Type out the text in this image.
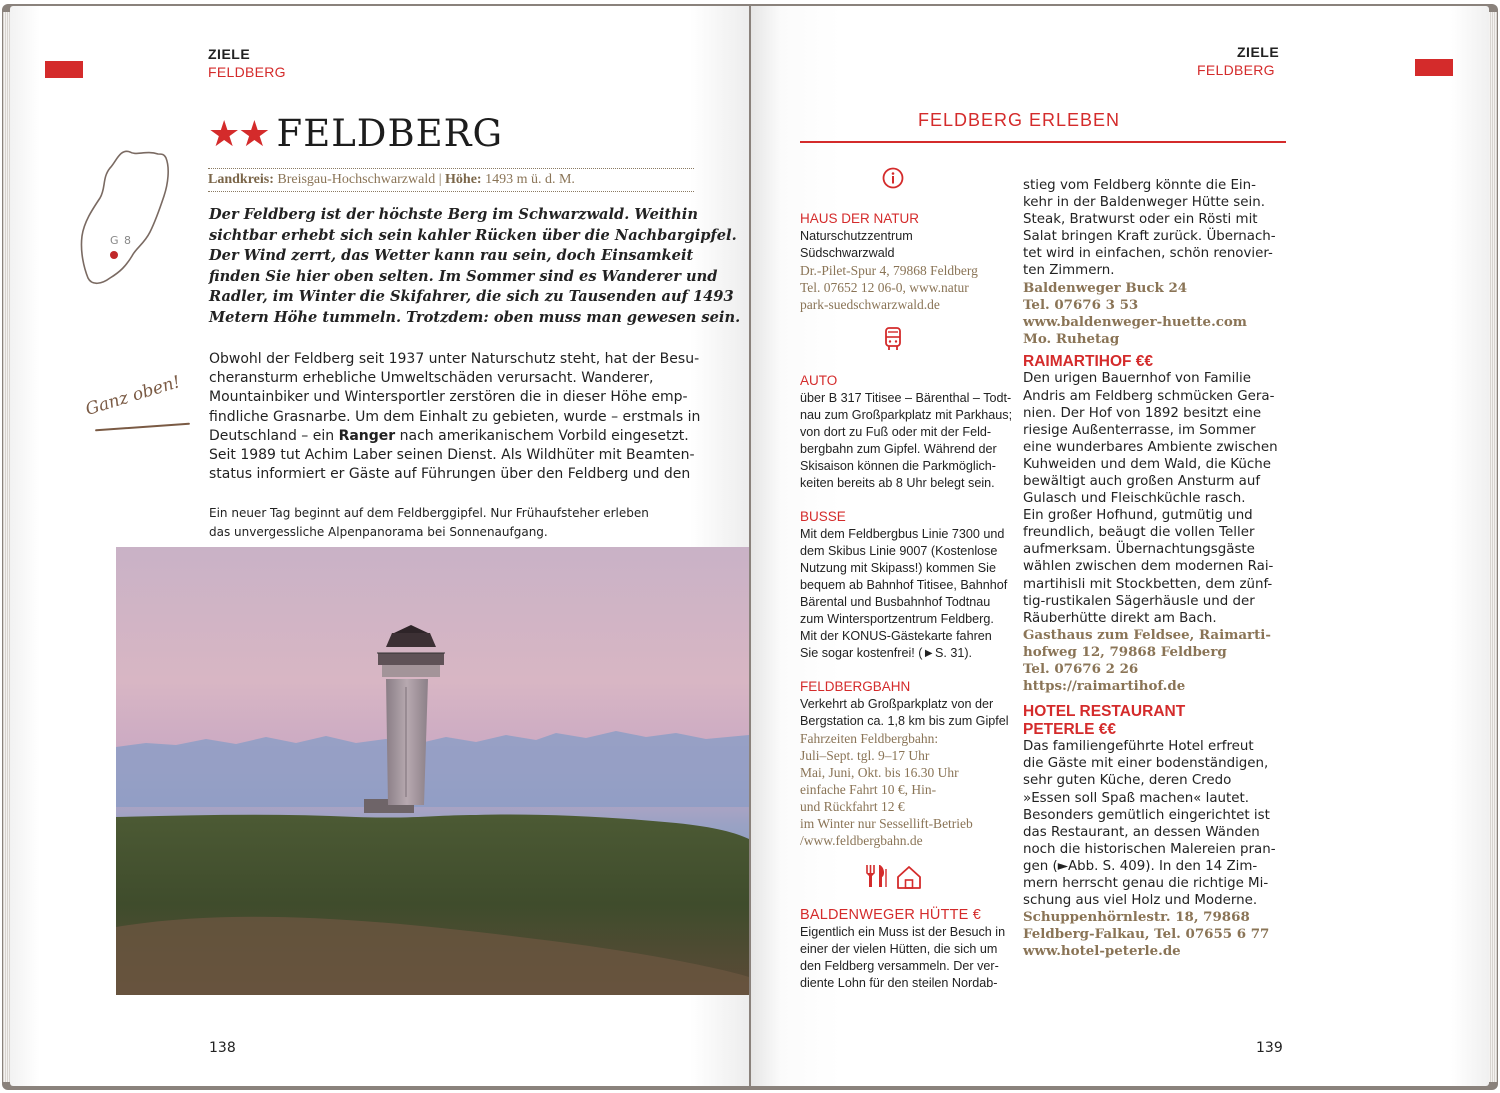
ZIELE
FELDBERG
★★ FELDBERG
Landkreis: Breisgau-Hochschwarzwald | Höhe: 1493 m ü. d. M.
G 8
Ganz oben!
Der Feldberg ist der höchste Berg im Schwarzwald. Weithin
sichtbar erhebt sich sein kahler Rücken über die Nachbargipfel.
Der Wind zerrt, das Wetter kann rau sein, doch Einsamkeit
finden Sie hier oben selten. Im Sommer sind es Wanderer und
Radler, im Winter die Skifahrer, die sich zu Tausenden auf 1493
Metern Höhe tummeln. Trotzdem: oben muss man gewesen sein.
Obwohl der Feldberg seit 1937 unter Naturschutz steht, hat der Besu-
cheransturm erhebliche Umweltschäden verursacht. Wanderer,
Mountainbiker und Wintersportler zerstören die in dieser Höhe emp-
findliche Grasnarbe. Um dem Einhalt zu gebieten, wurde – erstmals in
Deutschland – ein Ranger nach amerikanischem Vorbild eingesetzt.
Seit 1989 tut Achim Laber seinen Dienst. Als Wildhüter mit Beamten-
status informiert er Gäste auf Führungen über den Feldberg und den
Ein neuer Tag beginnt auf dem Feldberggipfel. Nur Frühaufsteher erleben
das unvergessliche Alpenpanorama bei Sonnenaufgang.
138
ZIELE
FELDBERG
FELDBERG ERLEBEN
HAUS DER NATUR
Naturschutzzentrum
Südschwarzwald
Dr.-Pilet-Spur 4, 79868 Feldberg
Tel. 07652 12 06-0, www.natur
park-suedschwarzwald.de
AUTO
über B 317 Titisee – Bärenthal – Todt-
nau zum Großparkplatz mit Parkhaus;
von dort zu Fuß oder mit der Feld-
bergbahn zum Gipfel. Während der
Skisaison können die Parkmöglich-
keiten bereits ab 8 Uhr belegt sein.
BUSSE
Mit dem Feldbergbus Linie 7300 und
dem Skibus Linie 9007 (Kostenlose
Nutzung mit Skipass!) kommen Sie
bequem ab Bahnhof Titisee, Bahnhof
Bärental und Busbahnhof Todtnau
zum Wintersportzentrum Feldberg.
Mit der KONUS-Gästekarte fahren
Sie sogar kostenfrei! (►S. 31).
FELDBERGBAHN
Verkehrt ab Großparkplatz von der
Bergstation ca. 1,8 km bis zum Gipfel
Fahrzeiten Feldbergbahn:
Juli–Sept. tgl. 9–17 Uhr
Mai, Juni, Okt. bis 16.30 Uhr
einfache Fahrt 10 €, Hin-
und Rückfahrt 12 €
im Winter nur Sessellift-Betrieb
/www.feldbergbahn.de
BALDENWEGER HÜTTE €
Eigentlich ein Muss ist der Besuch in
einer der vielen Hütten, die sich um
den Feldberg versammeln. Der ver-
diente Lohn für den steilen Nordab-
stieg vom Feldberg könnte die Ein-
kehr in der Baldenweger Hütte sein.
Steak, Bratwurst oder ein Rösti mit
Salat bringen Kraft zurück. Übernach-
tet wird in einfachen, schön renovier-
ten Zimmern.
Baldenweger Buck 24
Tel. 07676 3 53
www.baldenweger-huette.com
Mo. Ruhetag
RAIMARTIHOF €€
Den urigen Bauernhof von Familie
Andris am Feldberg schmücken Gera-
nien. Der Hof von 1892 besitzt eine
riesige Außenterrasse, im Sommer
eine wunderbares Ambiente zwischen
Kuhweiden und dem Wald, die Küche
bewältigt auch großen Ansturm auf
Gulasch und Fleischküchle rasch.
Ein großer Hofhund, gutmütig und
freundlich, beäugt die vollen Teller
aufmerksam. Übernachtungsgäste
wählen zwischen dem modernen Rai-
martihisli mit Stockbetten, dem zünf-
tig-rustikalen Sägerhäusle und der
Räuberhütte direkt am Bach.
Gasthaus zum Feldsee, Raimarti-
hofweg 12, 79868 Feldberg
Tel. 07676 2 26
https://raimartihof.de
HOTEL RESTAURANT
PETERLE €€
Das familiengeführte Hotel erfreut
die Gäste mit einer bodenständigen,
sehr guten Küche, deren Credo
»Essen soll Spaß machen« lautet.
Besonders gemütlich eingerichtet ist
das Restaurant, an dessen Wänden
noch die historischen Malereien pran-
gen (►Abb. S. 409). In den 14 Zim-
mern herrscht genau die richtige Mi-
schung aus viel Holz und Moderne.
Schuppenhörnlestr. 18, 79868
Feldberg-Falkau, Tel. 07655 6 77
www.hotel-peterle.de
139
